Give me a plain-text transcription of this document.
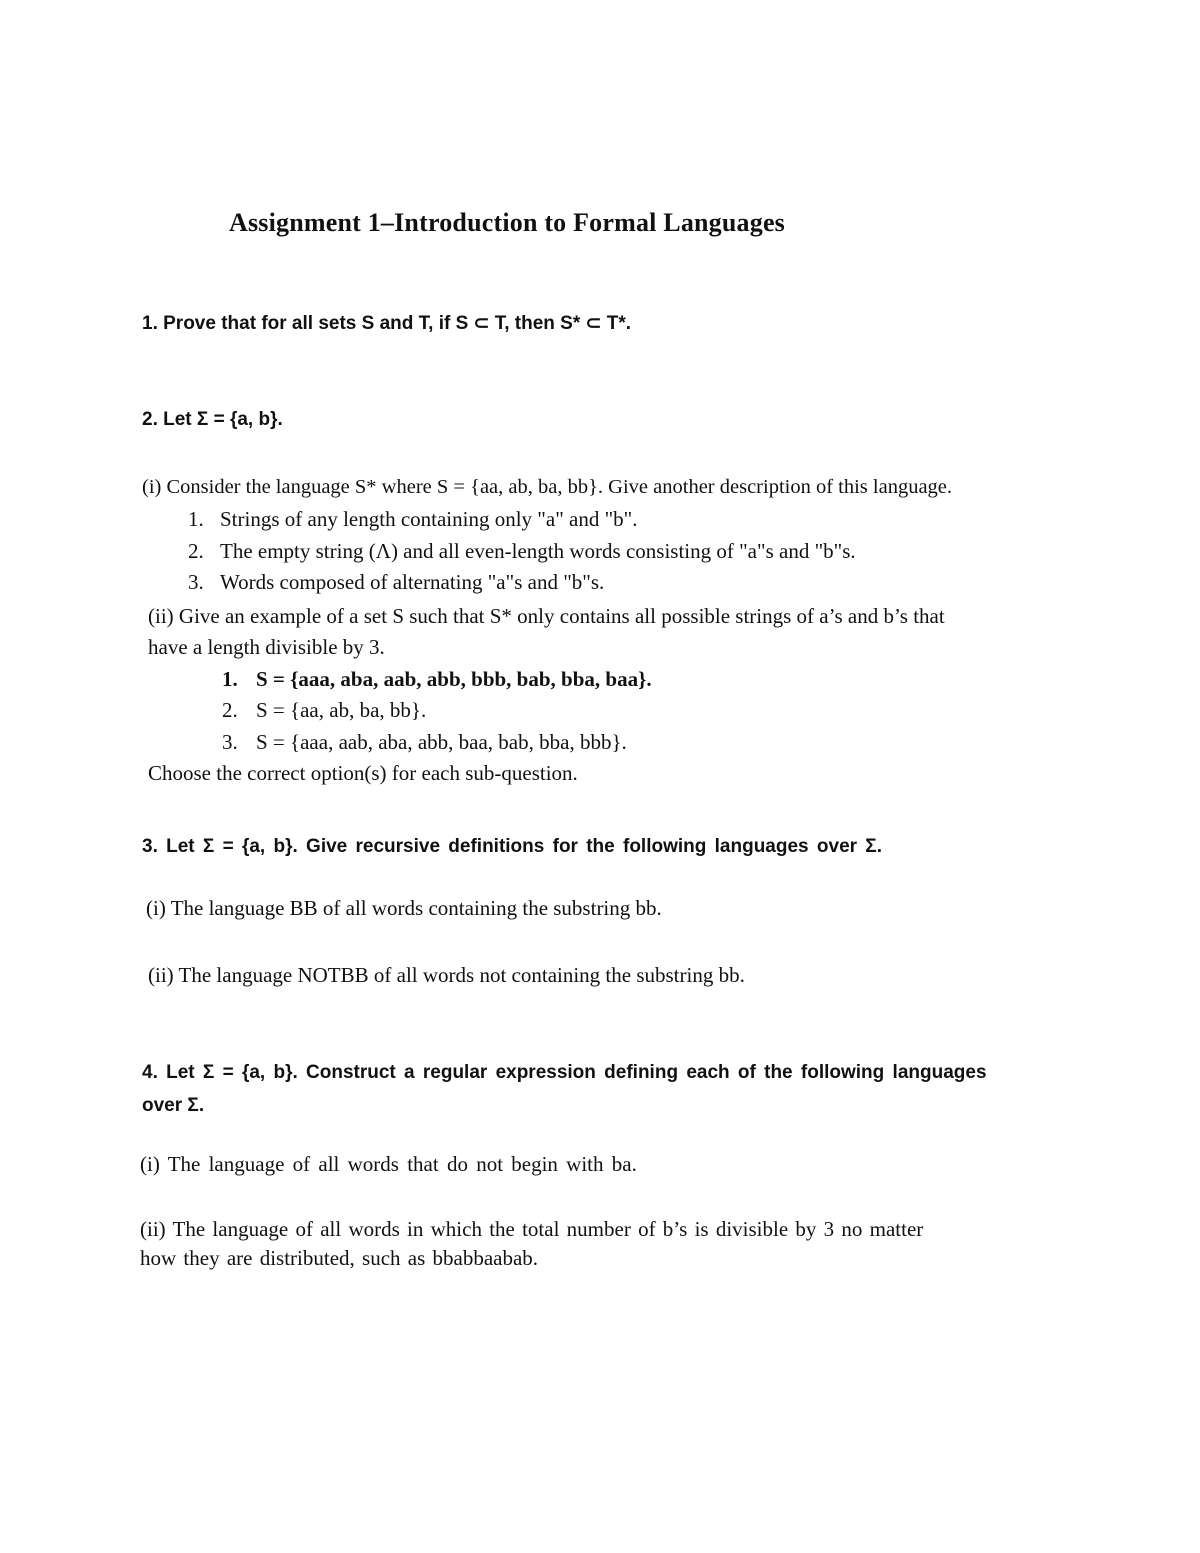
Assignment 1–Introduction to Formal Languages
1. Prove that for all sets S and T, if S ⊂ T, then S* ⊂ T*.
2. Let Σ = {a, b}.
(i) Consider the language S* where S = {aa, ab, ba, bb}. Give another description of this language.
1. Strings of any length containing only "a" and "b".
2. The empty string (Λ) and all even-length words consisting of "a"s and "b"s.
3. Words composed of alternating "a"s and "b"s.
(ii) Give an example of a set S such that S* only contains all possible strings of a’s and b’s that
have a length divisible by 3.
1. S = {aaa, aba, aab, abb, bbb, bab, bba, baa}.
2. S = {aa, ab, ba, bb}.
3. S = {aaa, aab, aba, abb, baa, bab, bba, bbb}.
Choose the correct option(s) for each sub-question.
3. Let Σ = {a, b}. Give recursive definitions for the following languages over Σ.
(i) The language BB of all words containing the substring bb.
(ii) The language NOTBB of all words not containing the substring bb.
4. Let Σ = {a, b}. Construct a regular expression defining each of the following languages
over Σ.
(i) The language of all words that do not begin with ba.
(ii) The language of all words in which the total number of b’s is divisible by 3 no matter
how they are distributed, such as bbabbaabab.
